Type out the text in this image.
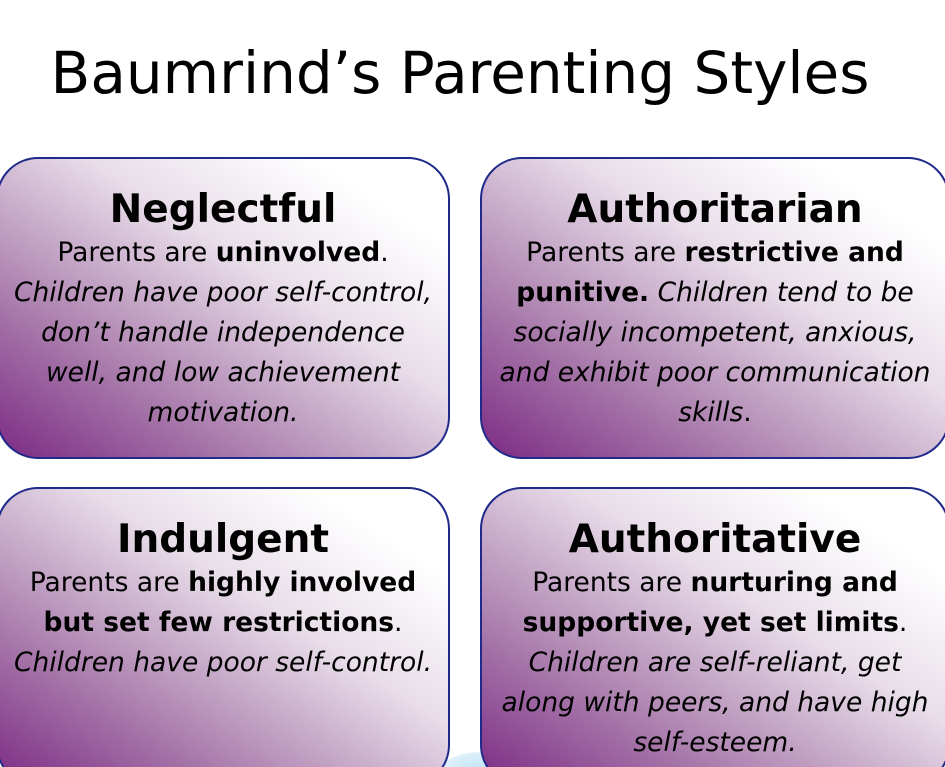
Baumrind’s Parenting Styles
Neglectful

Parents are uninvolved.
Children have poor self-control, don’t handle independence well, and low achievement motivation.

Authoritarian

Parents are restrictive and punitive. Children tend to be socially incompetent, anxious, and exhibit poor communication skills.

Indulgent

Parents are highly involved but set few restrictions. Children have poor self-control.

Authoritative

Parents are nurturing and supportive, yet set limits. Children are self-reliant, get along with peers, and have high self-esteem.
